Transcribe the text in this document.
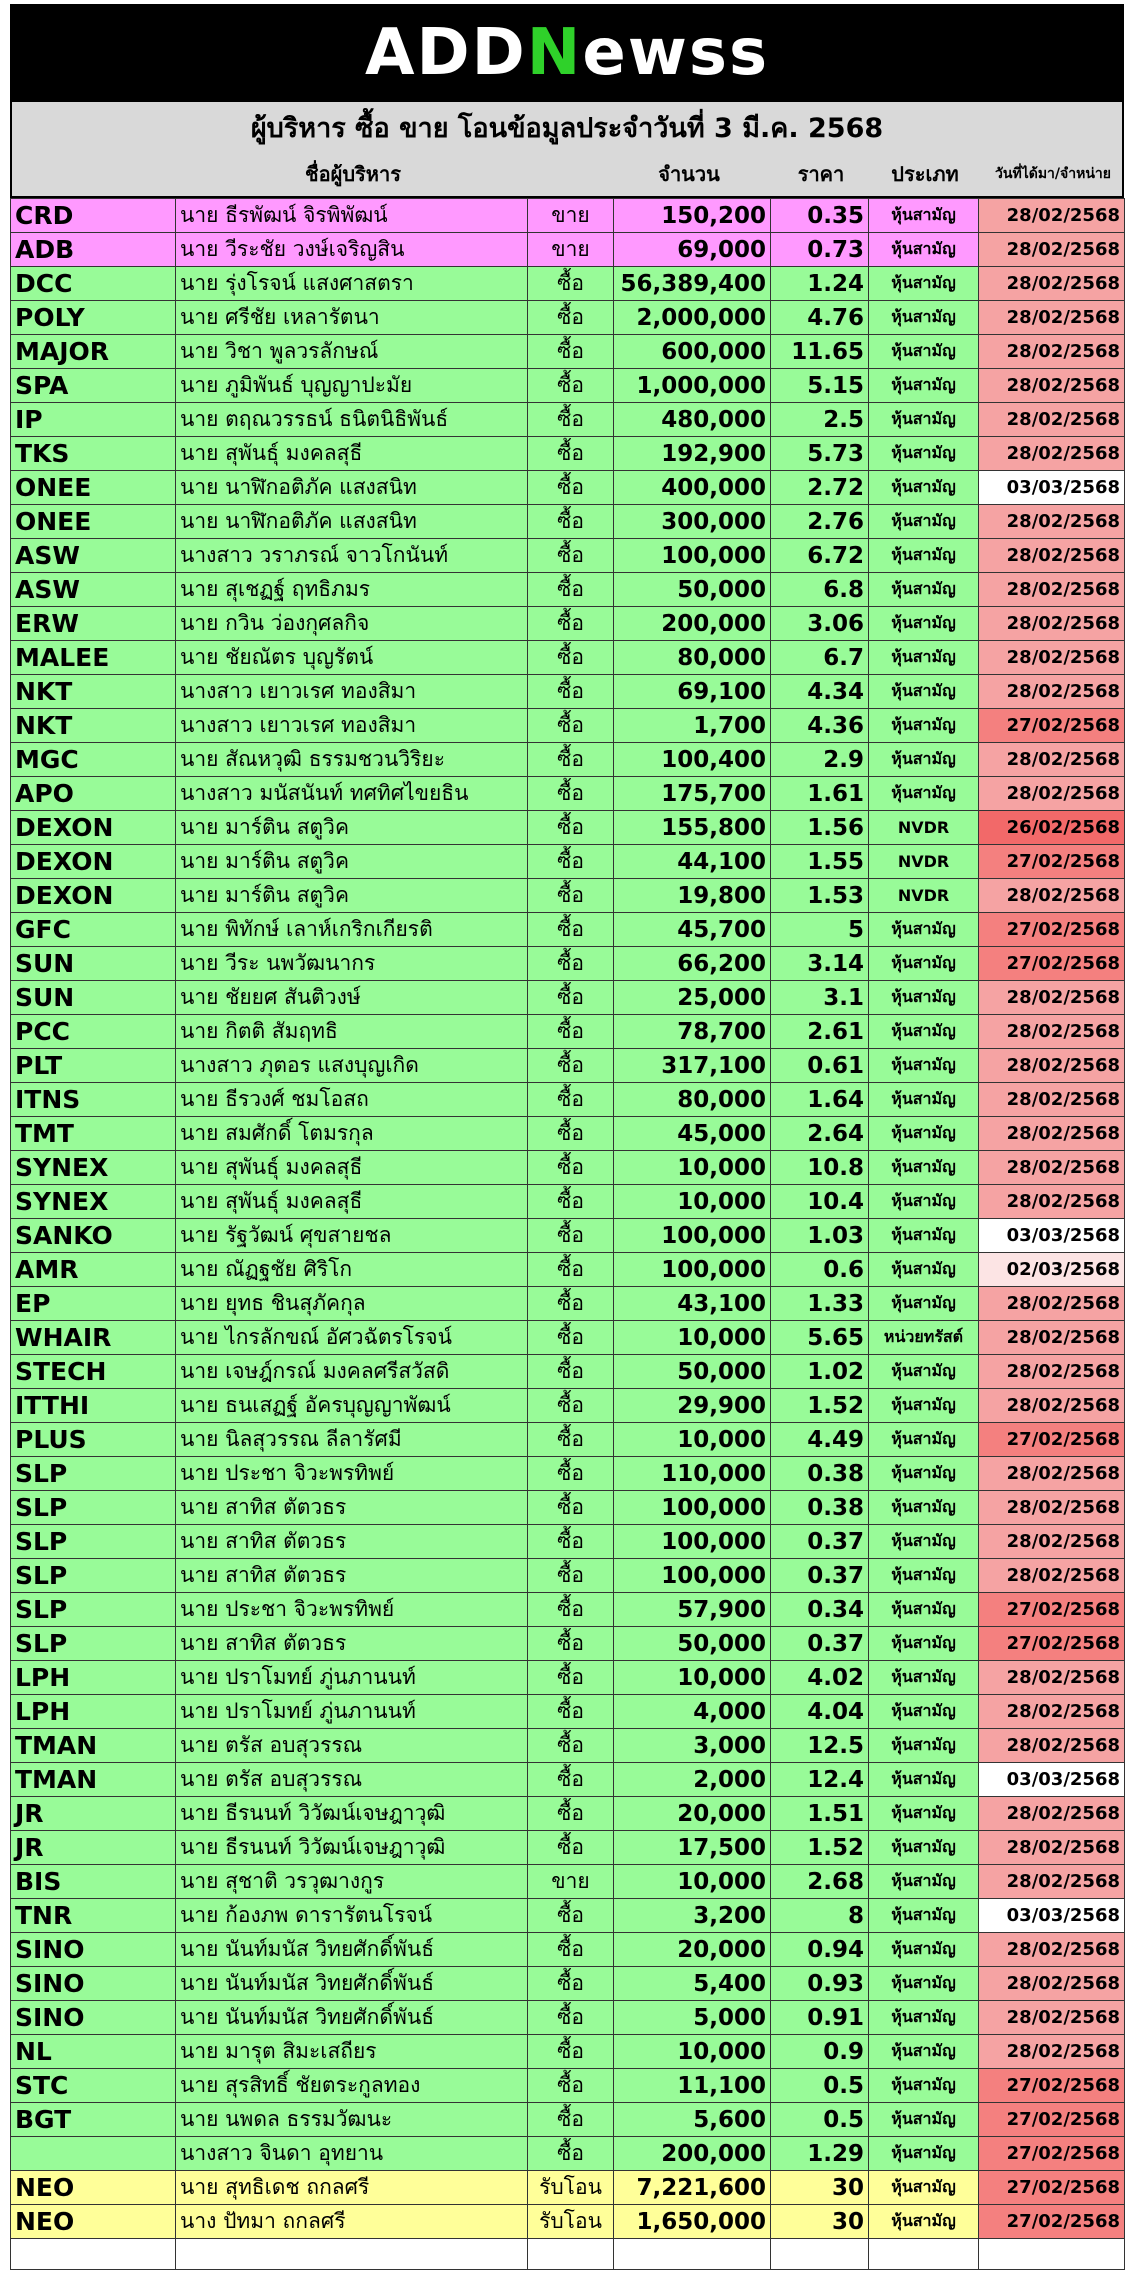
ADDNewss
ผู้บริหาร ซื้อ ขาย โอนข้อมูลประจำวันที่ 3 มี.ค. 2568
ชื่อผู้บริหาร	จำนวน	ราคา	ประเภท	วันที่ได้มา/จำหน่าย
CRD	นาย ธีรพัฒน์ จิรพิพัฒน์	ขาย	150,200	0.35	หุ้นสามัญ	28/02/2568
ADB	นาย วีระชัย วงษ์เจริญสิน	ขาย	69,000	0.73	หุ้นสามัญ	28/02/2568
DCC	นาย รุ่งโรจน์ แสงศาสตรา	ซื้อ	56,389,400	1.24	หุ้นสามัญ	28/02/2568
POLY	นาย ศรีชัย เหลารัตนา	ซื้อ	2,000,000	4.76	หุ้นสามัญ	28/02/2568
MAJOR	นาย วิชา พูลวรลักษณ์	ซื้อ	600,000	11.65	หุ้นสามัญ	28/02/2568
SPA	นาย ภูมิพันธ์ บุญญาปะมัย	ซื้อ	1,000,000	5.15	หุ้นสามัญ	28/02/2568
IP	นาย ตฤณวรรธน์ ธนิตนิธิพันธ์	ซื้อ	480,000	2.5	หุ้นสามัญ	28/02/2568
TKS	นาย สุพันธุ์ มงคลสุธี	ซื้อ	192,900	5.73	หุ้นสามัญ	28/02/2568
ONEE	นาย นาฬิกอติภัค แสงสนิท	ซื้อ	400,000	2.72	หุ้นสามัญ	03/03/2568
ONEE	นาย นาฬิกอติภัค แสงสนิท	ซื้อ	300,000	2.76	หุ้นสามัญ	28/02/2568
ASW	นางสาว วราภรณ์ จาวโกนันท์	ซื้อ	100,000	6.72	หุ้นสามัญ	28/02/2568
ASW	นาย สุเชฏฐ์ ฤทธิภมร	ซื้อ	50,000	6.8	หุ้นสามัญ	28/02/2568
ERW	นาย กวิน ว่องกุศลกิจ	ซื้อ	200,000	3.06	หุ้นสามัญ	28/02/2568
MALEE	นาย ชัยณัตร บุญรัตน์	ซื้อ	80,000	6.7	หุ้นสามัญ	28/02/2568
NKT	นางสาว เยาวเรศ ทองสิมา	ซื้อ	69,100	4.34	หุ้นสามัญ	28/02/2568
NKT	นางสาว เยาวเรศ ทองสิมา	ซื้อ	1,700	4.36	หุ้นสามัญ	27/02/2568
MGC	นาย สัณหวุฒิ ธรรมชวนวิริยะ	ซื้อ	100,400	2.9	หุ้นสามัญ	28/02/2568
APO	นางสาว มนัสนันท์ ทศทิศไขยธิน	ซื้อ	175,700	1.61	หุ้นสามัญ	28/02/2568
DEXON	นาย มาร์ติน สตูวิค	ซื้อ	155,800	1.56	NVDR	26/02/2568
DEXON	นาย มาร์ติน สตูวิค	ซื้อ	44,100	1.55	NVDR	27/02/2568
DEXON	นาย มาร์ติน สตูวิค	ซื้อ	19,800	1.53	NVDR	28/02/2568
GFC	นาย พิทักษ์ เลาห์เกริกเกียรติ	ซื้อ	45,700	5	หุ้นสามัญ	27/02/2568
SUN	นาย วีระ นพวัฒนากร	ซื้อ	66,200	3.14	หุ้นสามัญ	27/02/2568
SUN	นาย ชัยยศ สันติวงษ์	ซื้อ	25,000	3.1	หุ้นสามัญ	28/02/2568
PCC	นาย กิตติ สัมฤทธิ	ซื้อ	78,700	2.61	หุ้นสามัญ	28/02/2568
PLT	นางสาว ภุตอร แสงบุญเกิด	ซื้อ	317,100	0.61	หุ้นสามัญ	28/02/2568
ITNS	นาย ธีรวงศ์ ชมโอสถ	ซื้อ	80,000	1.64	หุ้นสามัญ	28/02/2568
TMT	นาย สมศักดิ์ โตมรกุล	ซื้อ	45,000	2.64	หุ้นสามัญ	28/02/2568
SYNEX	นาย สุพันธุ์ มงคลสุธี	ซื้อ	10,000	10.8	หุ้นสามัญ	28/02/2568
SYNEX	นาย สุพันธุ์ มงคลสุธี	ซื้อ	10,000	10.4	หุ้นสามัญ	28/02/2568
SANKO	นาย รัฐวัฒน์ ศุขสายชล	ซื้อ	100,000	1.03	หุ้นสามัญ	03/03/2568
AMR	นาย ณัฏฐชัย ศิริโก	ซื้อ	100,000	0.6	หุ้นสามัญ	02/03/2568
EP	นาย ยุทธ ชินสุภัคกุล	ซื้อ	43,100	1.33	หุ้นสามัญ	28/02/2568
WHAIR	นาย ไกรลักขณ์ อัศวฉัตรโรจน์	ซื้อ	10,000	5.65	หน่วยทรัสต์	28/02/2568
STECH	นาย เจษฎ์กรณ์ มงคลศรีสวัสดิ	ซื้อ	50,000	1.02	หุ้นสามัญ	28/02/2568
ITTHI	นาย ธนเสฏฐ์ อัครบุญญาพัฒน์	ซื้อ	29,900	1.52	หุ้นสามัญ	28/02/2568
PLUS	นาย นิลสุวรรณ ลีลารัศมี	ซื้อ	10,000	4.49	หุ้นสามัญ	27/02/2568
SLP	นาย ประชา จิวะพรทิพย์	ซื้อ	110,000	0.38	หุ้นสามัญ	28/02/2568
SLP	นาย สาทิส ตัตวธร	ซื้อ	100,000	0.38	หุ้นสามัญ	28/02/2568
SLP	นาย สาทิส ตัตวธร	ซื้อ	100,000	0.37	หุ้นสามัญ	28/02/2568
SLP	นาย สาทิส ตัตวธร	ซื้อ	100,000	0.37	หุ้นสามัญ	28/02/2568
SLP	นาย ประชา จิวะพรทิพย์	ซื้อ	57,900	0.34	หุ้นสามัญ	27/02/2568
SLP	นาย สาทิส ตัตวธร	ซื้อ	50,000	0.37	หุ้นสามัญ	27/02/2568
LPH	นาย ปราโมทย์ ภู่นภานนท์	ซื้อ	10,000	4.02	หุ้นสามัญ	28/02/2568
LPH	นาย ปราโมทย์ ภู่นภานนท์	ซื้อ	4,000	4.04	หุ้นสามัญ	28/02/2568
TMAN	นาย ตรัส อบสุวรรณ	ซื้อ	3,000	12.5	หุ้นสามัญ	28/02/2568
TMAN	นาย ตรัส อบสุวรรณ	ซื้อ	2,000	12.4	หุ้นสามัญ	03/03/2568
JR	นาย ธีรนนท์ วิวัฒน์เจษฎาวุฒิ	ซื้อ	20,000	1.51	หุ้นสามัญ	28/02/2568
JR	นาย ธีรนนท์ วิวัฒน์เจษฎาวุฒิ	ซื้อ	17,500	1.52	หุ้นสามัญ	28/02/2568
BIS	นาย สุชาติ วรวุฒางกูร	ขาย	10,000	2.68	หุ้นสามัญ	28/02/2568
TNR	นาย ก้องภพ ดารารัตนโรจน์	ซื้อ	3,200	8	หุ้นสามัญ	03/03/2568
SINO	นาย นันท์มนัส วิทยศักดิ์พันธ์	ซื้อ	20,000	0.94	หุ้นสามัญ	28/02/2568
SINO	นาย นันท์มนัส วิทยศักดิ์พันธ์	ซื้อ	5,400	0.93	หุ้นสามัญ	28/02/2568
SINO	นาย นันท์มนัส วิทยศักดิ์พันธ์	ซื้อ	5,000	0.91	หุ้นสามัญ	28/02/2568
NL	นาย มารุต สิมะเสถียร	ซื้อ	10,000	0.9	หุ้นสามัญ	28/02/2568
STC	นาย สุรสิทธิ์ ชัยตระกูลทอง	ซื้อ	11,100	0.5	หุ้นสามัญ	27/02/2568
BGT	นาย นพดล ธรรมวัฒนะ	ซื้อ	5,600	0.5	หุ้นสามัญ	27/02/2568
	นางสาว จินดา อุทยาน	ซื้อ	200,000	1.29	หุ้นสามัญ	27/02/2568
NEO	นาย สุทธิเดช ถกลศรี	รับโอน	7,221,600	30	หุ้นสามัญ	27/02/2568
NEO	นาง ปัทมา ถกลศรี	รับโอน	1,650,000	30	หุ้นสามัญ	27/02/2568
